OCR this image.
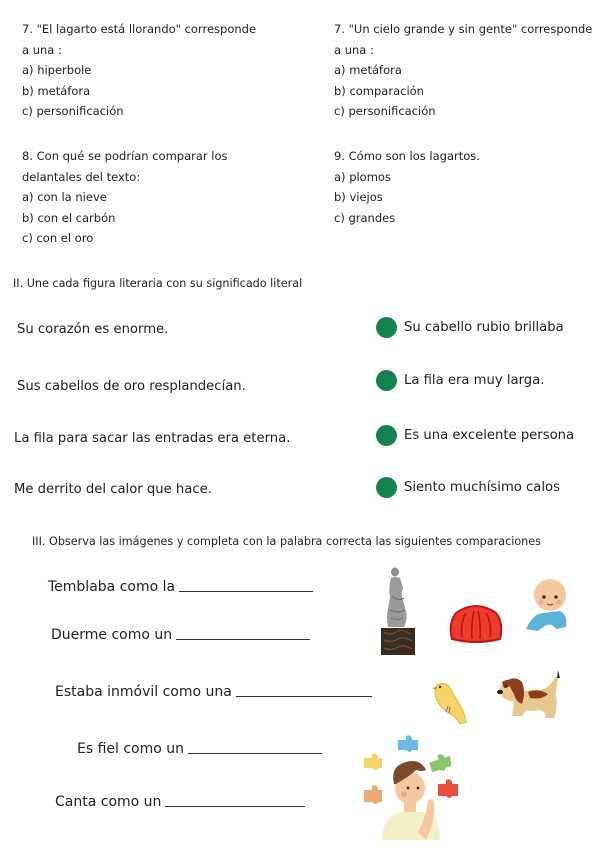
7. "El lagarto está llorando" corresponde
a una :
a) hiperbole
b) metáfora
c) personificación
7. "Un cielo grande y sin gente" corresponde
a una :
a) metáfora
b) comparación
c) personificación
8. Con qué se podrían comparar los
delantales del texto:
a) con la nieve
b) con el carbón
c) con el oro
9. Cómo son los lagartos.
a) plomos
b) viejos
c) grandes
II. Une cada figura literaria con su significado literal
Su corazón es enorme.
Sus cabellos de oro resplandecían.
La fila para sacar las entradas era eterna.
Me derrito del calor que hace.
Su cabello rubio brillaba
La fila era muy larga.
Es una excelente persona
Siento muchísimo calos
III. Observa las imágenes y completa con la palabra correcta las siguientes comparaciones
Temblaba como la
Duerme como un
Estaba inmóvil como una
Es fiel como un
Canta como un
